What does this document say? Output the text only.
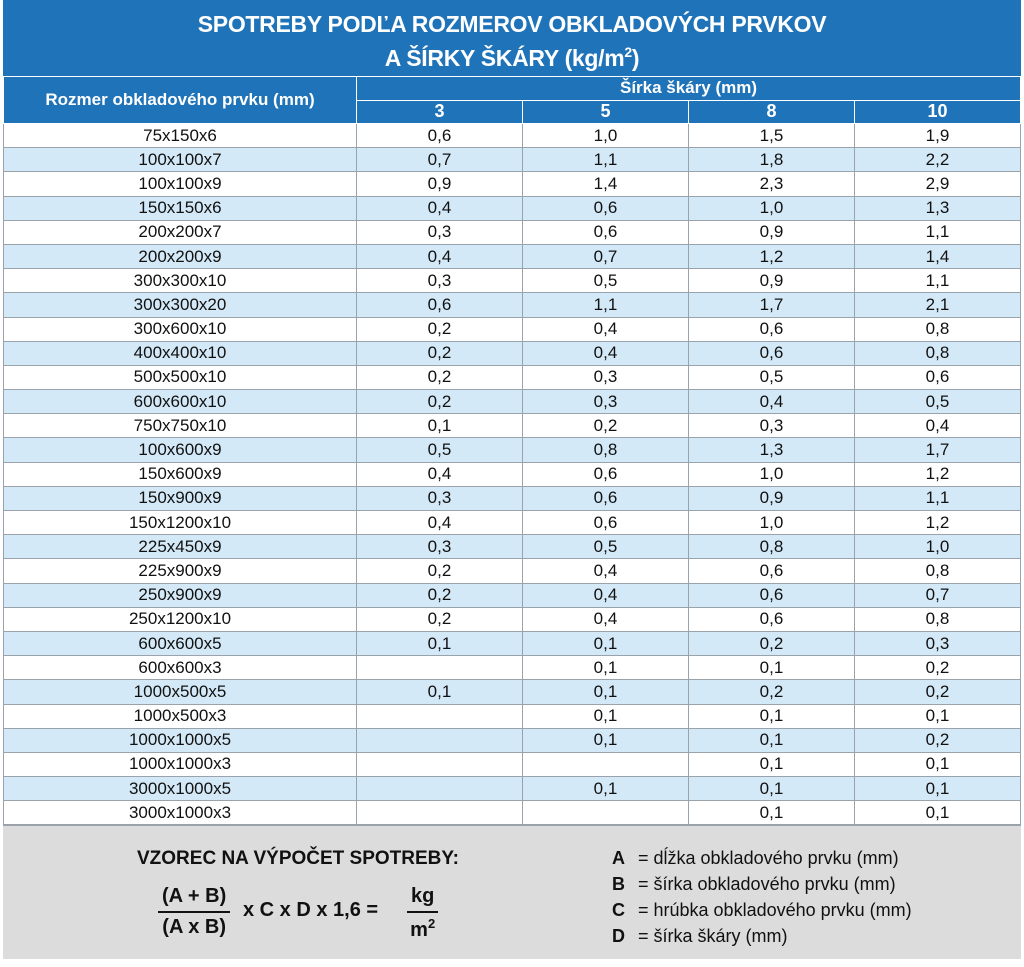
SPOTREBY PODĽA ROZMEROV OBKLADOVÝCH PRVKOV
A ŠÍRKY ŠKÁRY $(kg/m^2)$
Rozmer obkladového prvku (mm)	Šírka škáry (mm)			
	3	5	8	10
75x150x6	0,6	1,0	1,5	1,9
100x100x7	0,7	1,1	1,8	2,2
100x100x9	0,9	1,4	2,3	2,9
150x150x6	0,4	0,6	1,0	1,3
200x200x7	0,3	0,6	0,9	1,1
200x200x9	0,4	0,7	1,2	1,4
300x300x10	0,3	0,5	0,9	1,1
300x300x20	0,6	1,1	1,7	2,1
300x600x10	0,2	0,4	0,6	0,8
400x400x10	0,2	0,4	0,6	0,8
500x500x10	0,2	0,3	0,5	0,6
600x600x10	0,2	0,3	0,4	0,5
750x750x10	0,1	0,2	0,3	0,4
100x600x9	0,5	0,8	1,3	1,7
150x600x9	0,4	0,6	1,0	1,2
150x900x9	0,3	0,6	0,9	1,1
150x1200x10	0,4	0,6	1,0	1,2
225x450x9	0,3	0,5	0,8	1,0
225x900x9	0,2	0,4	0,6	0,8
250x900x9	0,2	0,4	0,6	0,7
250x1200x10	0,2	0,4	0,6	0,8
600x600x5	0,1	0,1	0,2	0,3
600x600x3		0,1	0,1	0,2
1000x500x5	0,1	0,1	0,2	0,2
1000x500x3		0,1	0,1	0,1
1000x1000x5		0,1	0,1	0,2
1000x1000x3			0,1	0,1
3000x1000x5		0,1	0,1	0,1
3000x1000x3			0,1	0,1
VZOREC NA VÝPOČET SPOTREBY:
$\frac{(A + B)}{\text{(A x B)}}$ x C x D x $1,6 = \frac{kg}{m^2}$
A = dĺžka obkladového prvku (mm)
B = šírka obkladového prvku (mm)
C = hrúbka obkladového prvku (mm)
D = šírka škáry (mm)
